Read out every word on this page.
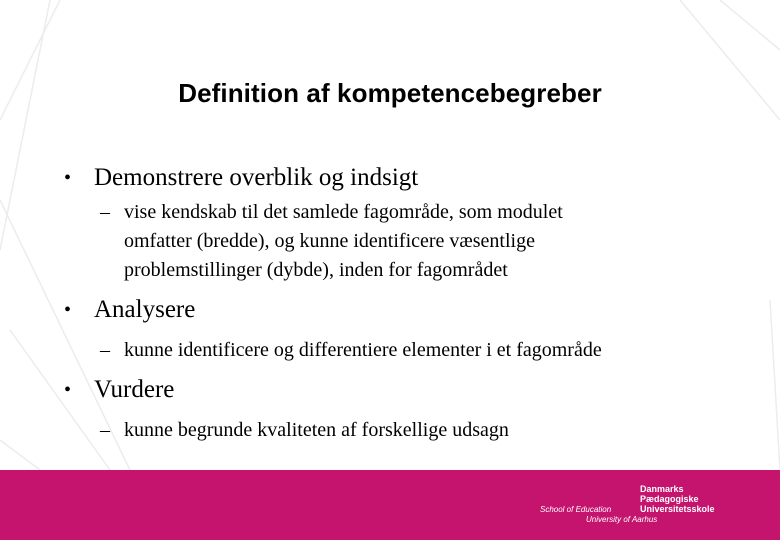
Definition af kompetencebegreber
• Demonstrere overblik og indsigt
– vise kendskab til det samlede fagområde, som modulet
omfatter (bredde), og kunne identificere væsentlige
problemstillinger (dybde), inden for fagområdet
• Analysere
– kunne identificere og differentiere elementer i et fagområde
• Vurdere
– kunne begrunde kvaliteten af forskellige udsagn
Danmarks
Pædagogiske
Universitetsskole
School of Education
University of Aarhus
